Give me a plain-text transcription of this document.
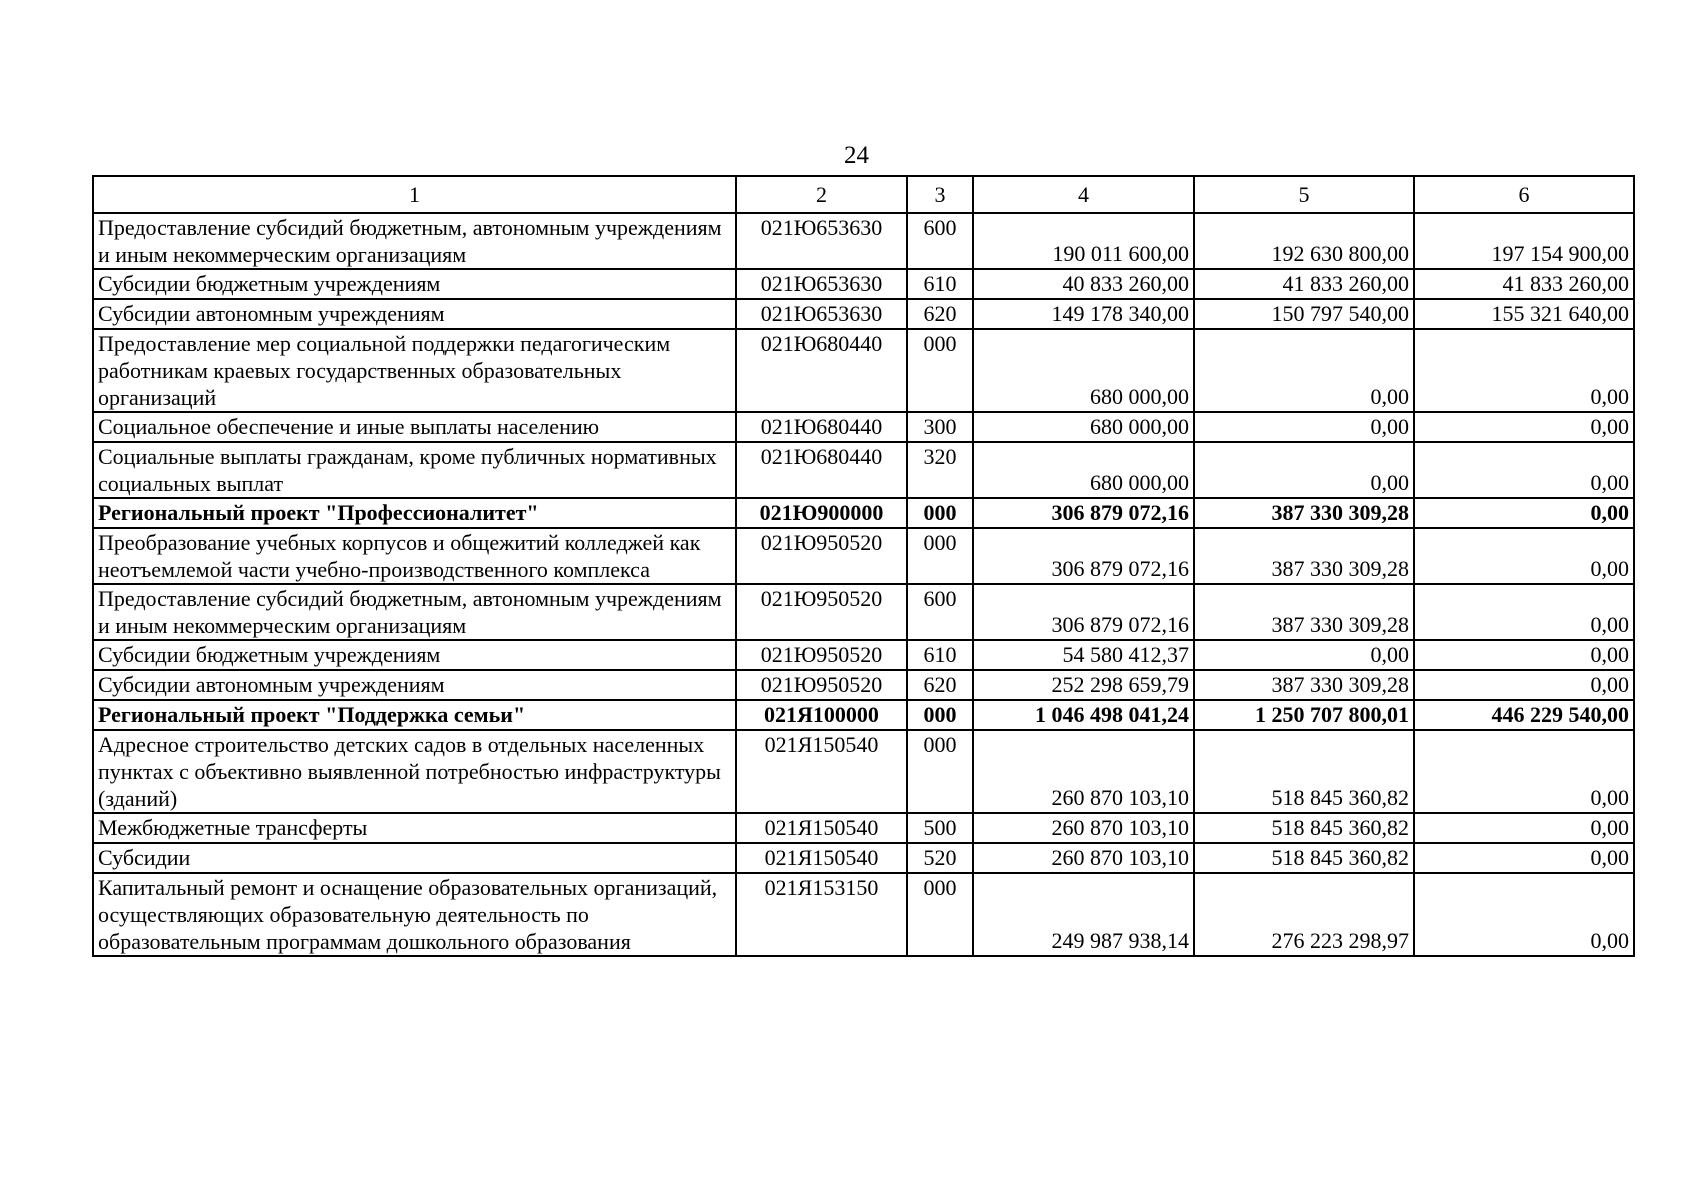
24
1	2	3	4	5	6
Предоставление субсидий бюджетным, автономным учреждениям и иным некоммерческим организациям	021Ю653630	600	190 011 600,00	192 630 800,00	197 154 900,00
Субсидии бюджетным учреждениям	021Ю653630	610	40 833 260,00	41 833 260,00	41 833 260,00
Субсидии автономным учреждениям	021Ю653630	620	149 178 340,00	150 797 540,00	155 321 640,00
Предоставление мер социальной поддержки педагогическим работникам краевых государственных образовательных организаций	021Ю680440	000	680 000,00	0,00	0,00
Социальное обеспечение и иные выплаты населению	021Ю680440	300	680 000,00	0,00	0,00
Социальные выплаты гражданам, кроме публичных нормативных социальных выплат	021Ю680440	320	680 000,00	0,00	0,00
Региональный проект "Профессионалитет"	021Ю900000	000	306 879 072,16	387 330 309,28	0,00
Преобразование учебных корпусов и общежитий колледжей как неотъемлемой части учебно-производственного комплекса	021Ю950520	000	306 879 072,16	387 330 309,28	0,00
Предоставление субсидий бюджетным, автономным учреждениям и иным некоммерческим организациям	021Ю950520	600	306 879 072,16	387 330 309,28	0,00
Субсидии бюджетным учреждениям	021Ю950520	610	54 580 412,37	0,00	0,00
Субсидии автономным учреждениям	021Ю950520	620	252 298 659,79	387 330 309,28	0,00
Региональный проект "Поддержка семьи"	021Я100000	000	1 046 498 041,24	1 250 707 800,01	446 229 540,00
Адресное строительство детских садов в отдельных населенных пунктах с объективно выявленной потребностью инфраструктуры (зданий)	021Я150540	000	260 870 103,10	518 845 360,82	0,00
Межбюджетные трансферты	021Я150540	500	260 870 103,10	518 845 360,82	0,00
Субсидии	021Я150540	520	260 870 103,10	518 845 360,82	0,00
Капитальный ремонт и оснащение образовательных организаций, осуществляющих образовательную деятельность по образовательным программам дошкольного образования	021Я153150	000	249 987 938,14	276 223 298,97	0,00
